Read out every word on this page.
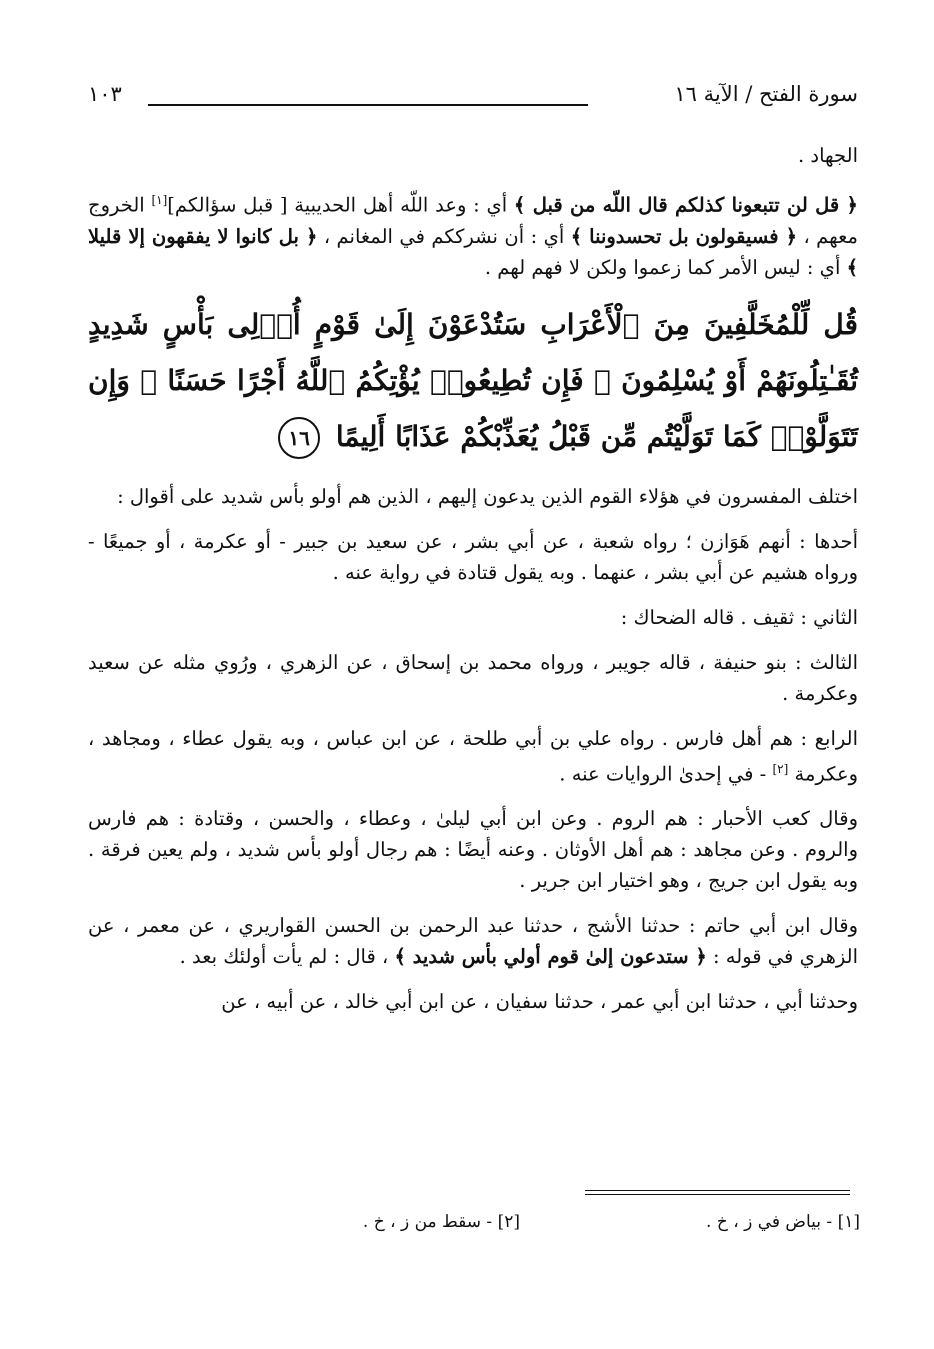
سورة الفتح / الآية ١٦
١٠٣

الجهاد .

﴿ قل لن تتبعونا كذلكم قال اللّه من قبل ﴾ أي : وعد اللّه أهل الحديبية [ قبل سؤالكم][١] الخروج معهم ، ﴿ فسيقولون بل تحسدوننا ﴾ أي : أن نشرككم في المغانم ، ﴿ بل كانوا لا يفقهون إلا قليلا ﴾ أي : ليس الأمر كما زعموا ولكن لا فهم لهم .

قُل لِّلْمُخَلَّفِينَ مِنَ ٱلْأَعْرَابِ سَتُدْعَوْنَ إِلَىٰ قَوْمٍ أُو۟لِى بَأْسٍ شَدِيدٍ تُقَـٰتِلُونَهُمْ أَوْ يُسْلِمُونَ ۖ فَإِن تُطِيعُوا۟ يُؤْتِكُمُ ٱللَّهُ أَجْرًا حَسَنًا ۖ وَإِن تَتَوَلَّوْا۟ كَمَا تَوَلَّيْتُم مِّن قَبْلُ يُعَذِّبْكُمْ عَذَابًا أَلِيمًا ١٦

اختلف المفسرون في هؤلاء القوم الذين يدعون إليهم ، الذين هم أولو بأس شديد على أقوال :

أحدها : أنهم هَوَازن ؛ رواه شعبة ، عن أبي بشر ، عن سعيد بن جبير - أو عكرمة ، أو جميعًا - ورواه هشيم عن أبي بشر ، عنهما . وبه يقول قتادة في رواية عنه .

الثاني : ثقيف . قاله الضحاك :

الثالث : بنو حنيفة ، قاله جويبر ، ورواه محمد بن إسحاق ، عن الزهري ، ورُوي مثله عن سعيد وعكرمة .

الرابع : هم أهل فارس . رواه علي بن أبي طلحة ، عن ابن عباس ، وبه يقول عطاء ، ومجاهد ، وعكرمة [٢] - في إحدىٰ الروايات عنه .

وقال كعب الأحبار : هم الروم . وعن ابن أبي ليلىٰ ، وعطاء ، والحسن ، وقتادة : هم فارس والروم . وعن مجاهد : هم أهل الأوثان . وعنه أيضًا : هم رجال أولو بأس شديد ، ولم يعين فرقة . وبه يقول ابن جريج ، وهو اختيار ابن جرير .

وقال ابن أبي حاتم : حدثنا الأشج ، حدثنا عبد الرحمن بن الحسن القواريري ، عن معمر ، عن الزهري في قوله : ﴿ ستدعون إلىٰ قوم أولي بأس شديد ﴾ ، قال : لم يأت أولئك بعد .

وحدثنا أبي ، حدثنا ابن أبي عمر ، حدثنا سفيان ، عن ابن أبي خالد ، عن أبيه ، عن

[١] - بياض في ز ، خ .
[٢] - سقط من ز ، خ .
